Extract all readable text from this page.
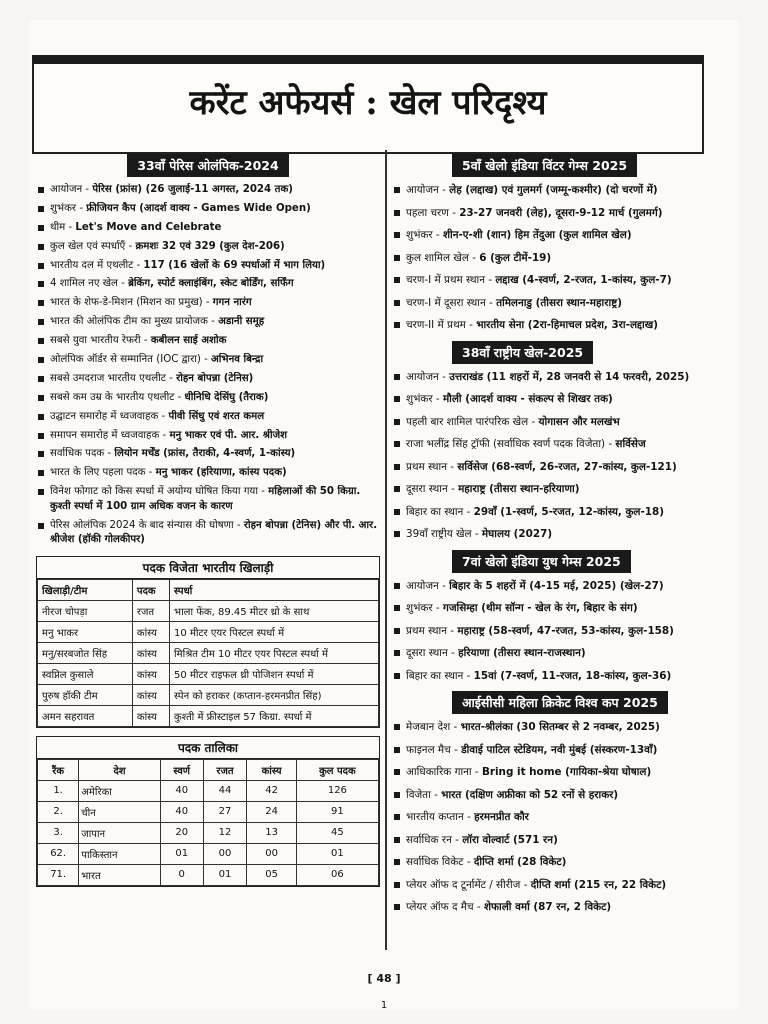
करेंट अफेयर्स : खेल परिदृश्य
33वाँ पेरिस ओलंपिक-2024
आयोजन - पेरिस (फ्रांस) (26 जुलाई-11 अगस्त, 2024 तक)
शुभंकर - फ्रीजियन कैप (आदर्श वाक्य - Games Wide Open)
थीम - Let's Move and Celebrate
कुल खेल एवं स्पर्धाएँ - क्रमशः 32 एवं 329 (कुल देश-206)
भारतीय दल में एथलीट - 117 (16 खेलों के 69 स्पर्धाओं में भाग लिया)
4 शामिल नए खेल - ब्रेकिंग, स्पोर्ट क्लाइंबिंग, स्केट बोर्डिंग, सर्फिंग
भारत के शेफ-डे-मिशन (मिशन का प्रमुख) - गगन नारंग
भारत की ओलंपिक टीम का मुख्य प्रायोजक - अडानी समूह
सबसे युवा भारतीय रेफरी - कबीलन साई अशोक
ओलंपिक ऑर्डर से सम्मानित (IOC द्वारा) - अभिनव बिन्द्रा
सबसे उमदराज भारतीय एथलीट - रोहन बोपन्ना (टेनिस)
सबसे कम उम्र के भारतीय एथलीट - धीनिधि देसिंघु (तैराक)
उद्घाटन समारोह में ध्वजवाहक - पीवी सिंधु एवं शरत कमल
समापन समारोह में ध्वजवाहक - मनु भाकर एवं पी. आर. श्रीजेश
सर्वाधिक पदक - लियोन मर्चेंड (फ्रांस, तैराकी, 4-स्वर्ण, 1-कांस्य)
भारत के लिए पहला पदक - मनु भाकर (हरियाणा, कांस्य पदक)
विनेश फोगाट को किस स्पर्धा में अयोग्य घोषित किया गया - महिलाओं की 50 किग्रा. कुश्ती स्पर्धा में 100 ग्राम अधिक वजन के कारण
पेरिस ओलंपिक 2024 के बाद संन्यास की घोषणा - रोहन बोपन्ना (टेनिस) और पी. आर. श्रीजेश (हॉकी गोलकीपर)
पदक विजेता भारतीय खिलाड़ी
खिलाड़ी/टीम	पदक	स्पर्धा
नीरज चोपड़ा	रजत	भाला फेंक, 89.45 मीटर थ्रो के साथ
मनु भाकर	कांस्य	10 मीटर एयर पिस्टल स्पर्धा में
मनु/सरबजोत सिंह	कांस्य	मिश्रित टीम 10 मीटर एयर पिस्टल स्पर्धा में
स्वप्निल कुसाले	कांस्य	50 मीटर राइफल थ्री पोजिशन स्पर्धा में
पुरुष हॉकी टीम	कांस्य	स्पेन को हराकर (कप्तान-हरमनप्रीत सिंह)
अमन सहरावत	कांस्य	कुश्ती में फ्रीस्टाइल 57 किग्रा. स्पर्धा में
पदक तालिका
रैंक	देश	स्वर्ण	रजत	कांस्य	कुल पदक
1.	अमेरिका	40	44	42	126
2.	चीन	40	27	24	91
3.	जापान	20	12	13	45
62.	पाकिस्तान	01	00	00	01
71.	भारत	0	01	05	06
5वाँ खेलो इंडिया विंटर गेम्स 2025
आयोजन - लेह (लद्दाख) एवं गुलमर्ग (जम्मू-कश्मीर) (दो चरणों में)
पहला चरण - 23-27 जनवरी (लेह), दूसरा-9-12 मार्च (गुलमर्ग)
शुभंकर - शीन-ए-शी (शान) हिम तेंदुआ (कुल शामिल खेल)
कुल शामिल खेल - 6 (कुल टीमें-19)
चरण-I में प्रथम स्थान - लद्दाख (4-स्वर्ण, 2-रजत, 1-कांस्य, कुल-7)
चरण-I में दूसरा स्थान - तमिलनाडु (तीसरा स्थान-महाराष्ट्र)
चरण-II में प्रथम - भारतीय सेना (2रा-हिमाचल प्रदेश, 3रा-लद्दाख)
38वाँ राष्ट्रीय खेल-2025
आयोजन - उत्तराखंड (11 शहरों में, 28 जनवरी से 14 फरवरी, 2025)
शुभंकर - मौली (आदर्श वाक्य - संकल्प से शिखर तक)
पहली बार शामिल पारंपरिक खेल - योगासन और मलखंभ
राजा भलींद्र सिंह ट्रॉफी (सर्वाधिक स्वर्ण पदक विजेता) - सर्विसेज
प्रथम स्थान - सर्विसेज (68-स्वर्ण, 26-रजत, 27-कांस्य, कुल-121)
दूसरा स्थान - महाराष्ट्र (तीसरा स्थान-हरियाणा)
बिहार का स्थान - 29वाँ (1-स्वर्ण, 5-रजत, 12-कांस्य, कुल-18)
39वाँ राष्ट्रीय खेल - मेघालय (2027)
7वां खेलो इंडिया युथ गेम्स 2025
आयोजन - बिहार के 5 शहरों में (4-15 मई, 2025) (खेल-27)
शुभंकर - गजसिम्हा (थीम सॉन्ग - खेल के रंग, बिहार के संग)
प्रथम स्थान - महाराष्ट्र (58-स्वर्ण, 47-रजत, 53-कांस्य, कुल-158)
दूसरा स्थान - हरियाणा (तीसरा स्थान-राजस्थान)
बिहार का स्थान - 15वां (7-स्वर्ण, 11-रजत, 18-कांस्य, कुल-36)
आईसीसी महिला क्रिकेट विश्व कप 2025
मेजबान देश - भारत-श्रीलंका (30 सितम्बर से 2 नवम्बर, 2025)
फाइनल मैच - डीवाई पाटिल स्टेडियम, नवी मुंबई (संस्करण-13वाँ)
आधिकारिक गाना - Bring it home (गायिका-श्रेया घोषाल)
विजेता - भारत (दक्षिण अफ्रीका को 52 रनों से हराकर)
भारतीय कप्तान - हरमनप्रीत कौर
सर्वाधिक रन - लॉरा वोल्वार्ट (571 रन)
सर्वाधिक विकेट - दीप्ति शर्मा (28 विकेट)
प्लेयर ऑफ द टूर्नामेंट / सीरीज - दीप्ति शर्मा (215 रन, 22 विकेट)
प्लेयर ऑफ द मैच - शेफाली वर्मा (87 रन, 2 विकेट)
[ 48 ]
1
